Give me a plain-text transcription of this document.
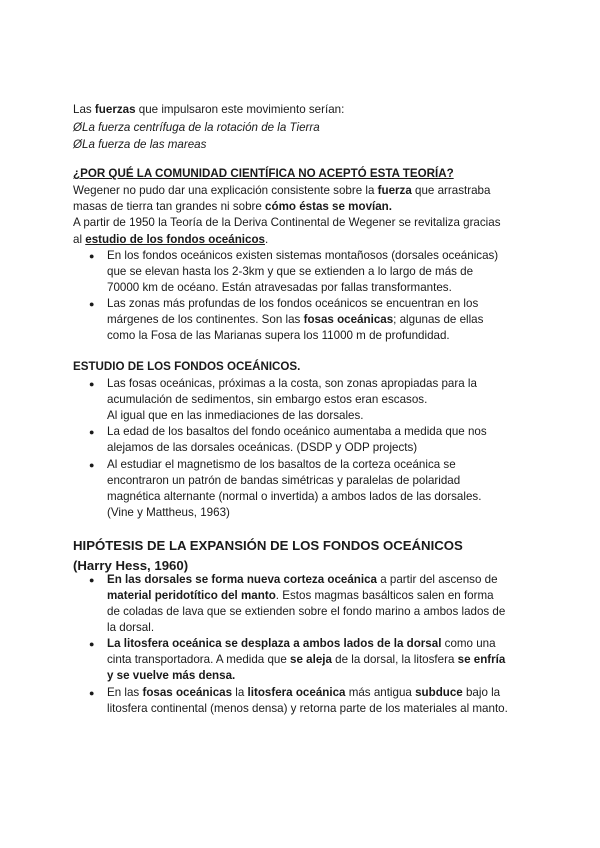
Las fuerzas que impulsaron este movimiento serían:
ØLa fuerza centrífuga de la rotación de la Tierra
ØLa fuerza de las mareas
¿POR QUÉ LA COMUNIDAD CIENTÍFICA NO ACEPTÓ ESTA TEORÍA?
Wegener no pudo dar una explicación consistente sobre la fuerza que arrastraba
masas de tierra tan grandes ni sobre cómo éstas se movían.
A partir de 1950 la Teoría de la Deriva Continental de Wegener se revitaliza gracias
al estudio de los fondos oceánicos.
● En los fondos oceánicos existen sistemas montañosos (dorsales oceánicas)

que se elevan hasta los 2-3km y que se extienden a lo largo de más de

70000 km de océano. Están atravesadas por fallas transformantes.

● Las zonas más profundas de los fondos oceánicos se encuentran en los

márgenes de los continentes. Son las fosas oceánicas; algunas de ellas

como la Fosa de las Marianas supera los 11000 m de profundidad.

ESTUDIO DE LOS FONDOS OCEÁNICOS.
● Las fosas oceánicas, próximas a la costa, son zonas apropiadas para la

acumulación de sedimentos, sin embargo estos eran escasos.

Al igual que en las inmediaciones de las dorsales.

● La edad de los basaltos del fondo oceánico aumentaba a medida que nos

alejamos de las dorsales oceánicas. (DSDP y ODP projects)

● Al estudiar el magnetismo de los basaltos de la corteza oceánica se

encontraron un patrón de bandas simétricas y paralelas de polaridad

magnética alternante (normal o invertida) a ambos lados de las dorsales.

(Vine y Mattheus, 1963)

HIPÓTESIS DE LA EXPANSIÓN DE LOS FONDOS OCEÁNICOS
(Harry Hess, 1960)
● En las dorsales se forma nueva corteza oceánica a partir del ascenso de

material peridotítico del manto. Estos magmas basálticos salen en forma

de coladas de lava que se extienden sobre el fondo marino a ambos lados de

la dorsal.

● La litosfera oceánica se desplaza a ambos lados de la dorsal como una

cinta transportadora. A medida que se aleja de la dorsal, la litosfera se enfría

y se vuelve más densa.

● En las fosas oceánicas la litosfera oceánica más antigua subduce bajo la

litosfera continental (menos densa) y retorna parte de los materiales al manto.
